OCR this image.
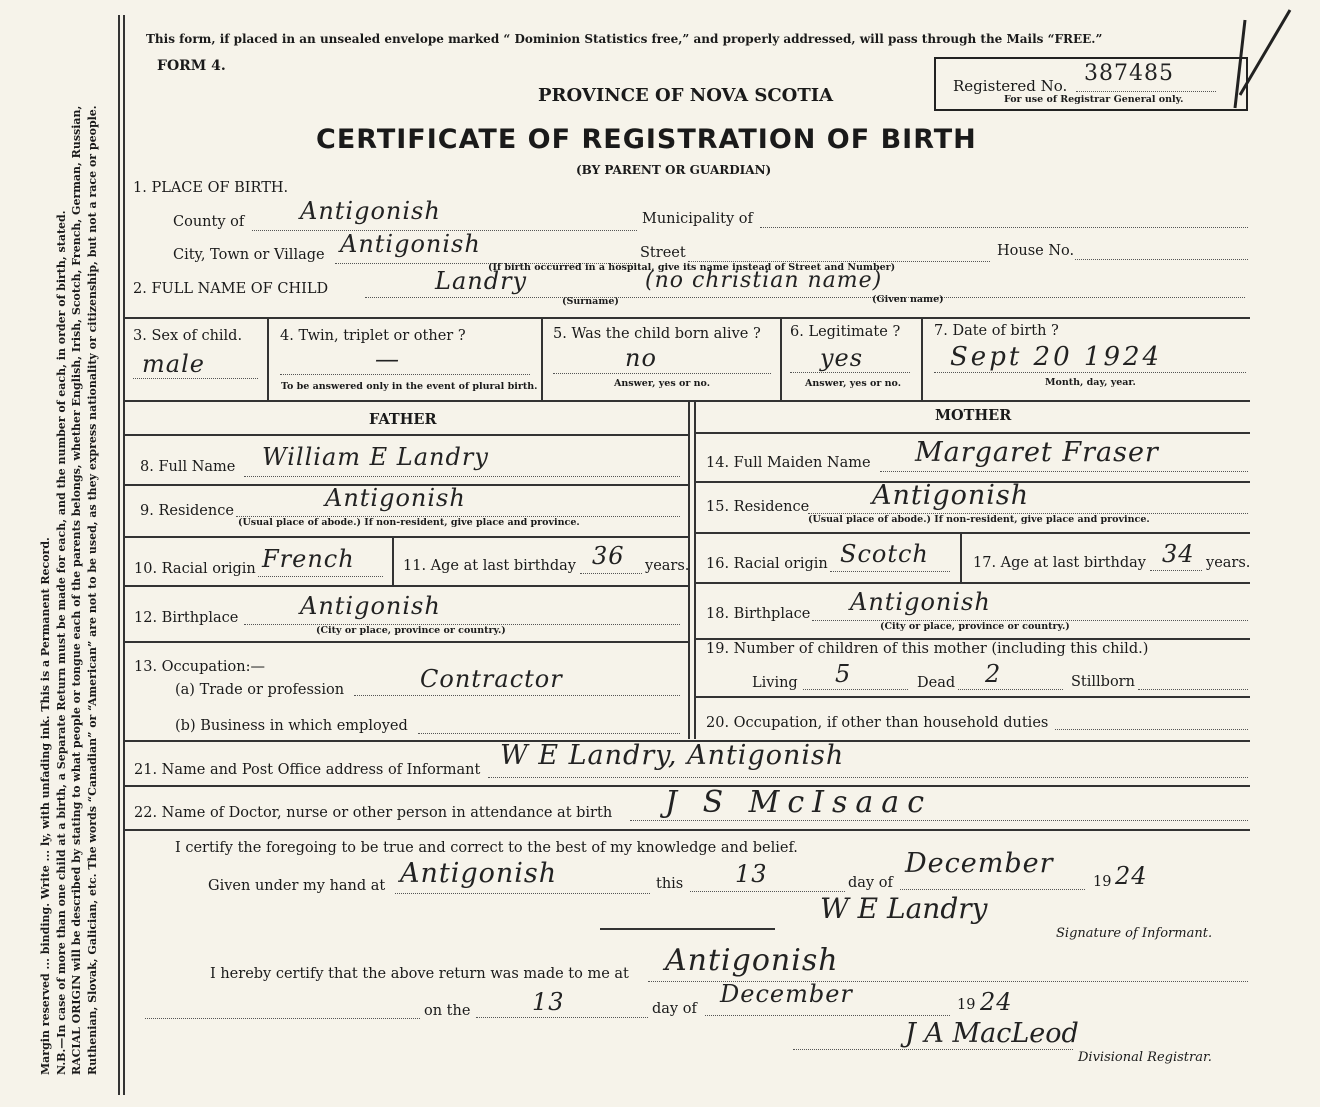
Margin reserved ... binding. Write ... ly, with unfading ink. This is a Permanent Record. N.B.—In case of more than one child at a birth, a Separate Return must be made for each, and the number of each, in order of birth, stated. RACIAL ORIGIN will be described by stating to what people or tongue each of the parents belongs, whether English, Irish, Scotch, French, German, Russian, Ruthenian, Slovak, Galician, etc. The words “Canadian” or “American” are not to be used, as they express nationality or citizenship, but not a race or people.
This form, if placed in an unsealed envelope marked “ Dominion Statistics free,” and properly addressed, will pass through the Mails “FREE.”
FORM 4.
PROVINCE OF NOVA SCOTIA
CERTIFICATE OF REGISTRATION OF BIRTH
(BY PARENT OR GUARDIAN)
Registered No. 387485
For use of Registrar General only.
1. PLACE OF BIRTH.
County of Antigonish	Municipality of
City, Town or Village Antigonish	Street	House No.
(If birth occurred in a hospital, give its name instead of Street and Number)
2. FULL NAME OF CHILD	Landry
(Surname)
(no christian name)
(Given name)
3. Sex of child.
male
4. Twin, triplet or other ?
—
To be answered only in the event of plural birth.
5. Was the child born alive ?
no
Answer, yes or no.
6. Legitimate ?
yes
Answer, yes or no.
7. Date of birth ?
Sept 20 1924
Month, day, year.
FATHER	MOTHER
8. Full Name William E Landry
9. Residence	Antigonish
(Usual place of abode.) If non-resident, give place and province.
10. Racial origin French	11. Age at last birthday 36 years.
12. Birthplace	Antigonish
(City or place, province or country.)
13. Occupation:—
(a) Trade or profession	Contractor
(b) Business in which employed
14. Full Maiden Name Margaret Fraser
15. Residence Antigonish
(Usual place of abode.) If non-resident, give place and province.
16. Racial origin Scotch	17. Age at last birthday 34 years.
18. Birthplace Antigonish
(City or place, province or country.)
19. Number of children of this mother (including this child.)
Living 5	Dead 2	Stillborn
20. Occupation, if other than household duties
21. Name and Post Office address of Informant W E Landry, Antigonish
22. Name of Doctor, nurse or other person in attendance at birth J S McIsaac
I certify the foregoing to be true and correct to the best of my knowledge and belief.
Given under my hand at Antigonish	this 13	day of
December
19 24
W E Landry
Signature of Informant.
I hereby certify that the above return was made to me at Antigonish
on the	13	day of
December	19 24
J A MacLeod
Divisional Registrar.
